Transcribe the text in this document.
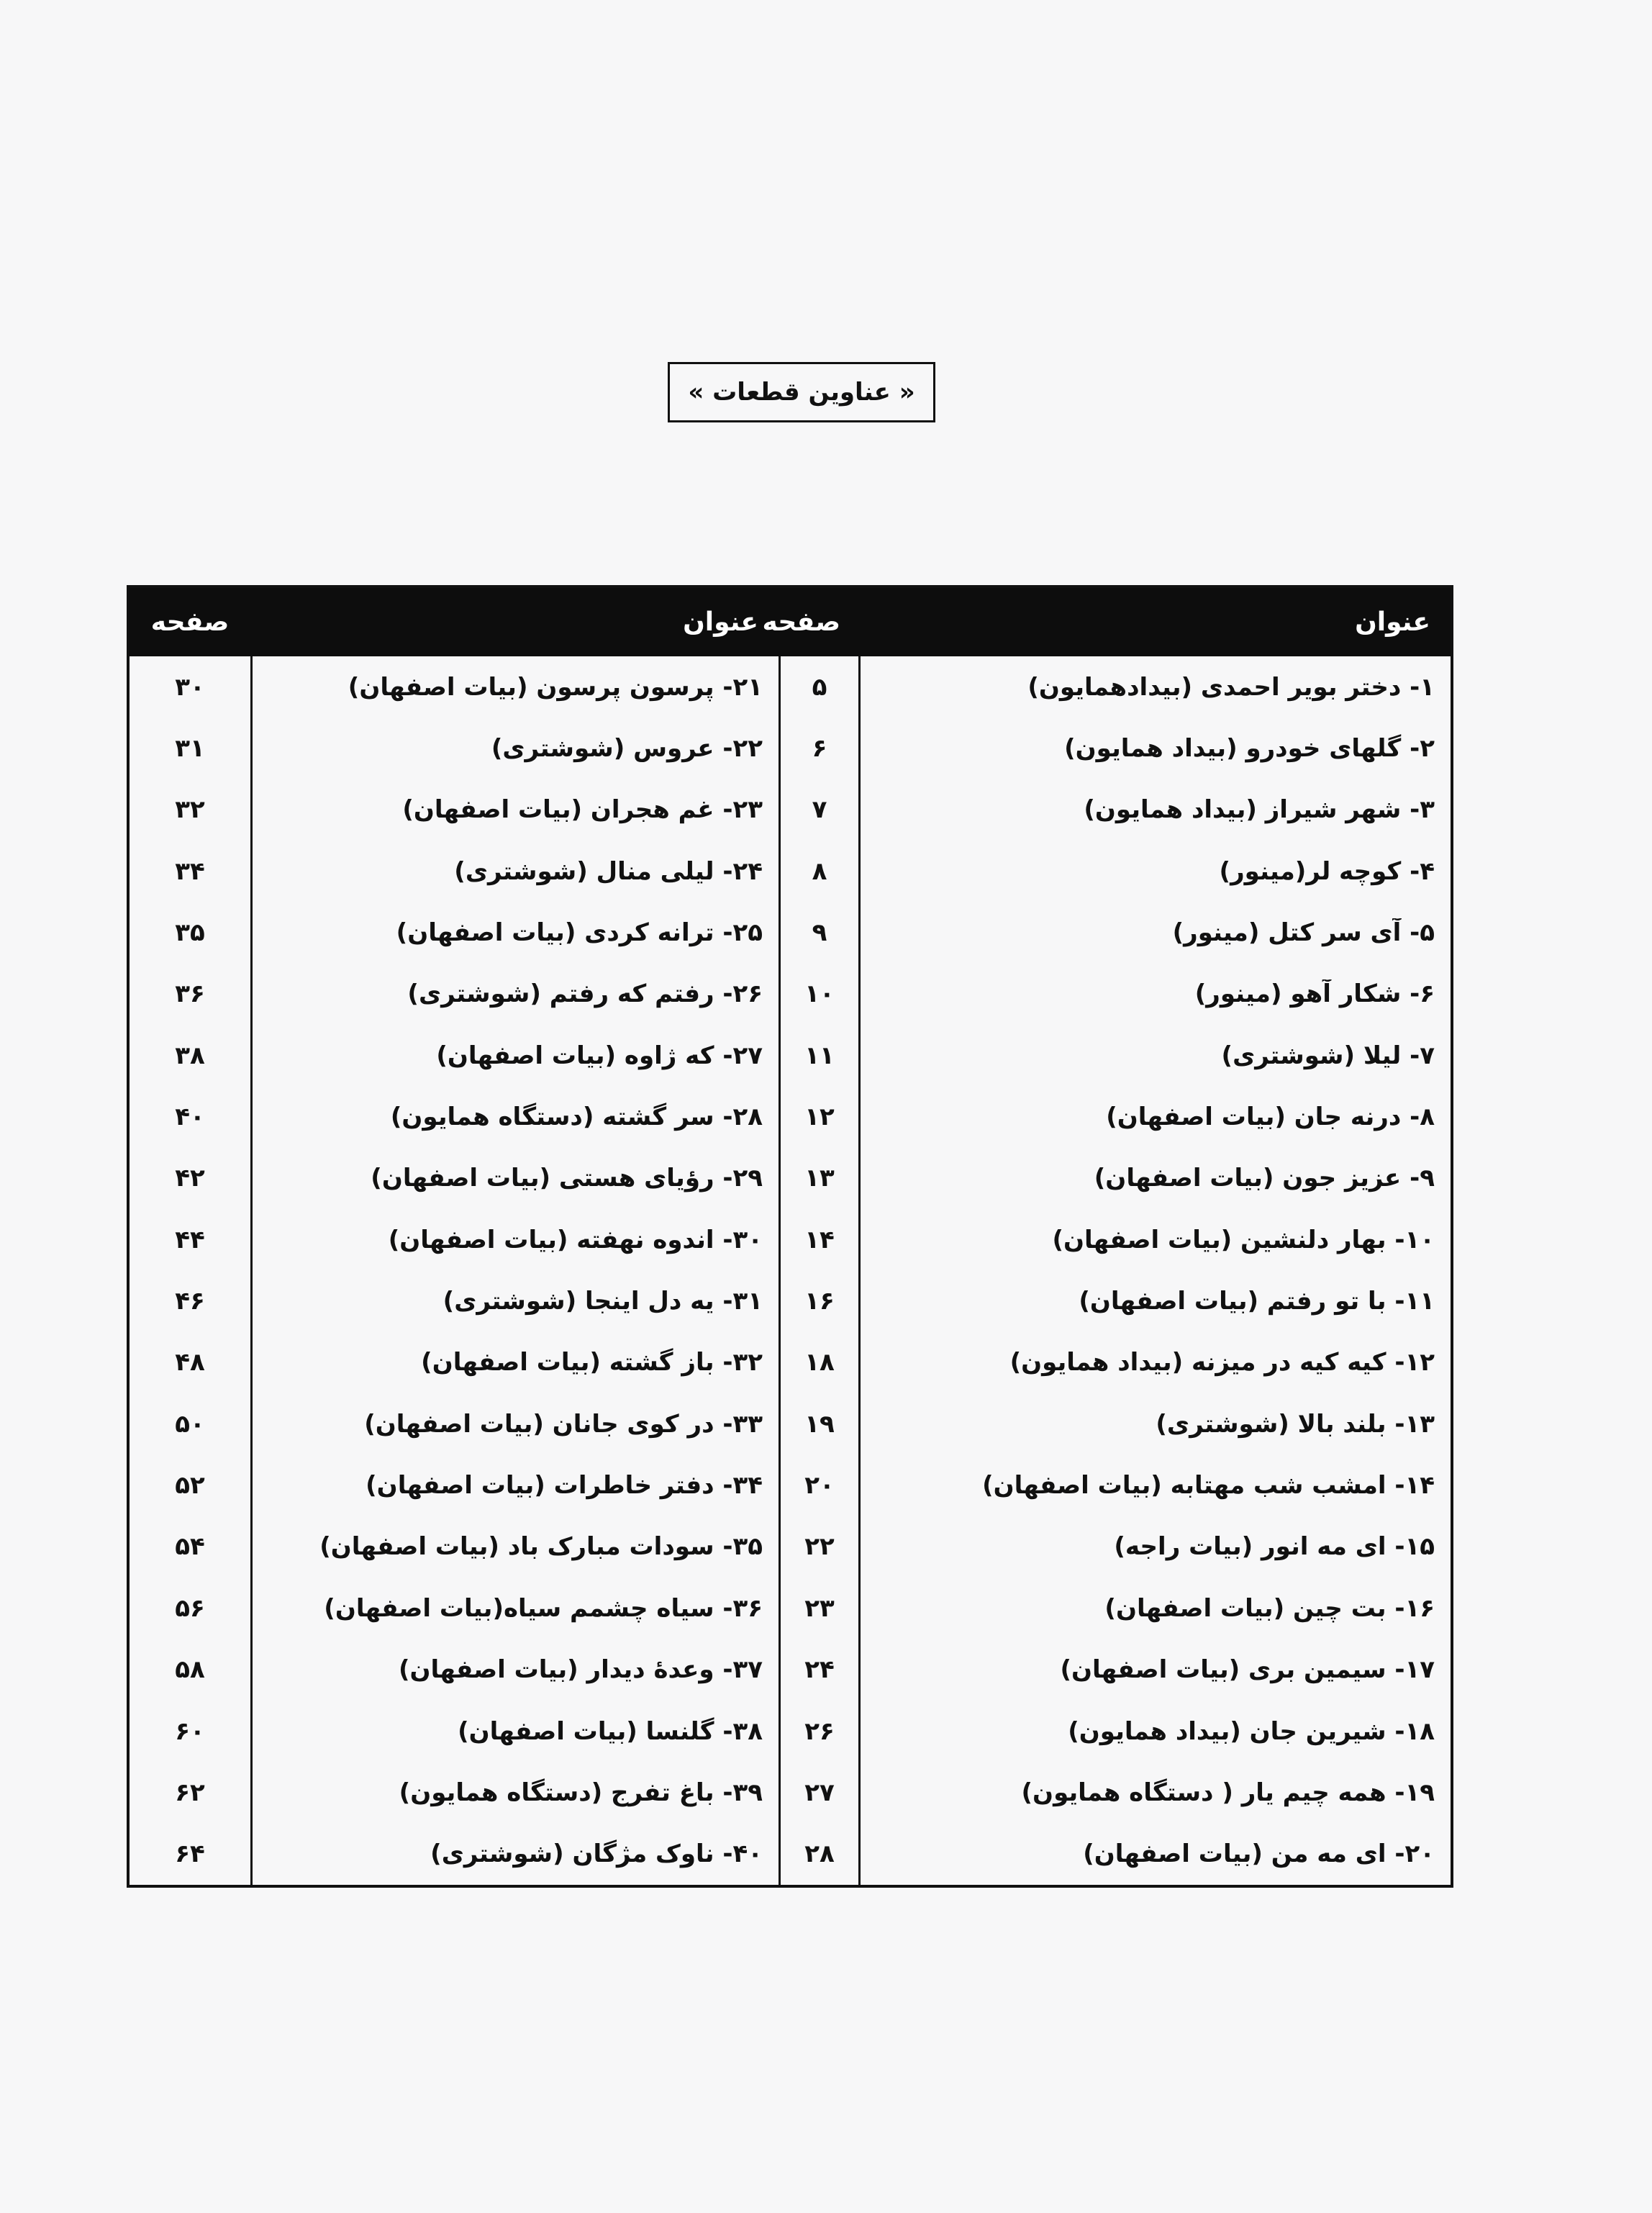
« عناوین قطعات »
عنوان
صفحه
عنوان
صفحه
۱- دختر بویر احمدی (بیدادهمایون)
۵
۲- گلهای خودرو (بیداد همایون)
۶
۳- شهر شیراز (بیداد همایون)
۷
۴- کوچه لر(مینور)
۸
۵- آی سر کتل (مینور)
۹
۶- شکار آهو (مینور)
۱۰
۷- لیلا (شوشتری)
۱۱
۸- درنه جان (بیات اصفهان)
۱۲
۹- عزیز جون (بیات اصفهان)
۱۳
۱۰- بهار دلنشین (بیات اصفهان)
۱۴
۱۱- با تو رفتم (بیات اصفهان)
۱۶
۱۲- کیه کیه در میزنه (بیداد همایون)
۱۸
۱۳- بلند بالا (شوشتری)
۱۹
۱۴- امشب شب مهتابه (بیات اصفهان)
۲۰
۱۵- ای مه انور (بیات راجه)
۲۲
۱۶- بت چین (بیات اصفهان)
۲۳
۱۷- سیمین بری (بیات اصفهان)
۲۴
۱۸- شیرین جان (بیداد همایون)
۲۶
۱۹- همه چیم یار ( دستگاه همایون)
۲۷
۲۰- ای مه من (بیات اصفهان)
۲۸
۲۱- پرسون پرسون (بیات اصفهان)
۳۰
۲۲- عروس (شوشتری)
۳۱
۲۳- غم هجران (بیات اصفهان)
۳۲
۲۴- لیلی منال (شوشتری)
۳۴
۲۵- ترانه کردی (بیات اصفهان)
۳۵
۲۶- رفتم که رفتم (شوشتری)
۳۶
۲۷- که ژاوه (بیات اصفهان)
۳۸
۲۸- سر گشته (دستگاه همایون)
۴۰
۲۹- رؤیای هستی (بیات اصفهان)
۴۲
۳۰- اندوه نهفته (بیات اصفهان)
۴۴
۳۱- یه دل اینجا (شوشتری)
۴۶
۳۲- باز گشته (بیات اصفهان)
۴۸
۳۳- در کوی جانان (بیات اصفهان)
۵۰
۳۴- دفتر خاطرات (بیات اصفهان)
۵۲
۳۵- سودات مبارک باد (بیات اصفهان)
۵۴
۳۶- سیاه چشمم سیاه(بیات اصفهان)
۵۶
۳۷- وعدۀ دیدار (بیات اصفهان)
۵۸
۳۸- گلنسا (بیات اصفهان)
۶۰
۳۹- باغ تفرج (دستگاه همایون)
۶۲
۴۰- ناوک مژگان (شوشتری)
۶۴
